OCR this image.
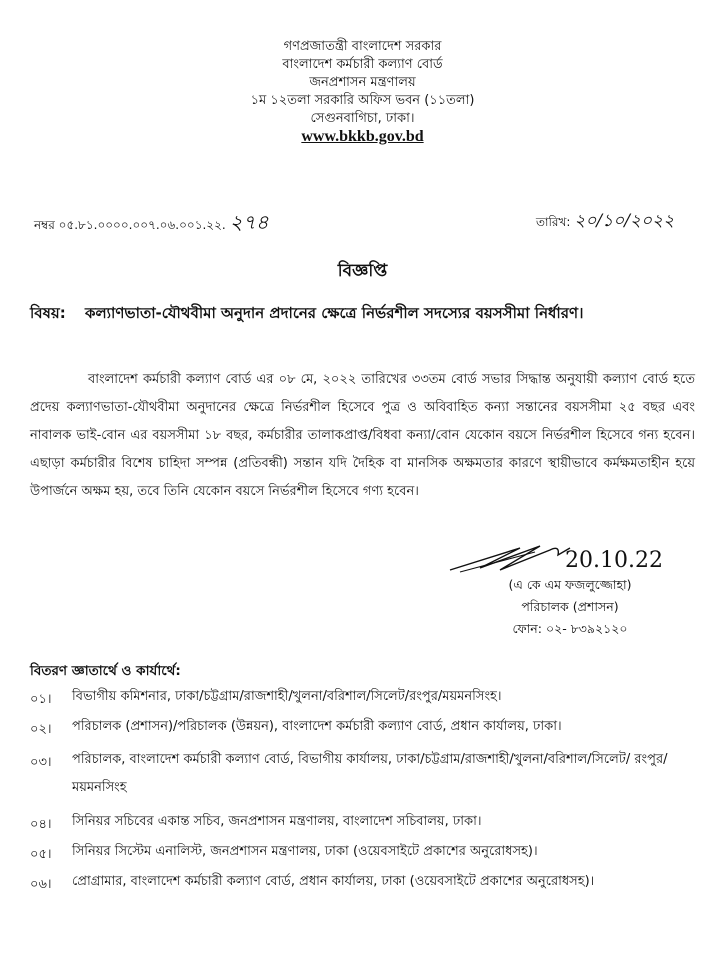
গণপ্রজাতন্ত্রী বাংলাদেশ সরকার
বাংলাদেশ কর্মচারী কল্যাণ বোর্ড
জনপ্রশাসন মন্ত্রণালয়
১ম ১২তলা সরকারি অফিস ভবন (১১তলা)
সেগুনবাগিচা, ঢাকা।
www.bkkb.gov.bd
নম্বর ০৫.৮১.০০০০.০০৭.০৬.০০১.২২. ২৭৪	তারিখ: ২০/১০/২০২২
বিজ্ঞপ্তি
বিষয়: কল্যাণভাতা-যৌথবীমা অনুদান প্রদানের ক্ষেত্রে নির্ভরশীল সদস্যের বয়সসীমা নির্ধারণ।
বাংলাদেশ কর্মচারী কল্যাণ বোর্ড এর ০৮ মে, ২০২২ তারিখের ৩৩তম বোর্ড সভার সিদ্ধান্ত অনুযায়ী কল্যাণ বোর্ড হতে প্রদেয় কল্যাণভাতা-যৌথবীমা অনুদানের ক্ষেত্রে নির্ভরশীল হিসেবে পুত্র ও অবিবাহিত কন্যা সন্তানের বয়সসীমা ২৫ বছর এবং নাবালক ভাই-বোন এর বয়সসীমা ১৮ বছর, কর্মচারীর তালাকপ্রাপ্ত/বিধবা কন্যা/বোন যেকোন বয়সে নির্ভরশীল হিসেবে গন্য হবেন। এছাড়া কর্মচারীর বিশেষ চাহিদা সম্পন্ন (প্রতিবন্ধী) সন্তান যদি দৈহিক বা মানসিক অক্ষমতার কারণে স্থায়ীভাবে কর্মক্ষমতাহীন হয়ে উপার্জনে অক্ষম হয়, তবে তিনি যেকোন বয়সে নির্ভরশীল হিসেবে গণ্য হবেন।
20.10.22
(এ কে এম ফজলুজ্জোহা)
পরিচালক (প্রশাসন)
ফোন: ০২- ৮৩৯২১২০
বিতরণ জ্ঞাতার্থে ও কার্যার্থে:
০১। বিভাগীয় কমিশনার, ঢাকা/চট্টগ্রাম/রাজশাহী/খুলনা/বরিশাল/সিলেট/রংপুর/ময়মনসিংহ।
০২। পরিচালক (প্রশাসন)/পরিচালক (উন্নয়ন), বাংলাদেশ কর্মচারী কল্যাণ বোর্ড, প্রধান কার্যালয়, ঢাকা।
০৩। পরিচালক, বাংলাদেশ কর্মচারী কল্যাণ বোর্ড, বিভাগীয় কার্যালয়, ঢাকা/চট্টগ্রাম/রাজশাহী/খুলনা/বরিশাল/সিলেট/ রংপুর/ ময়মনসিংহ
০৪। সিনিয়র সচিবের একান্ত সচিব, জনপ্রশাসন মন্ত্রণালয়, বাংলাদেশ সচিবালয়, ঢাকা।
০৫। সিনিয়র সিস্টেম এনালিস্ট, জনপ্রশাসন মন্ত্রণালয়, ঢাকা (ওয়েবসাইটে প্রকাশের অনুরোধসহ)।
০৬। প্রোগ্রামার, বাংলাদেশ কর্মচারী কল্যাণ বোর্ড, প্রধান কার্যালয়, ঢাকা (ওয়েবসাইটে প্রকাশের অনুরোধসহ)।
